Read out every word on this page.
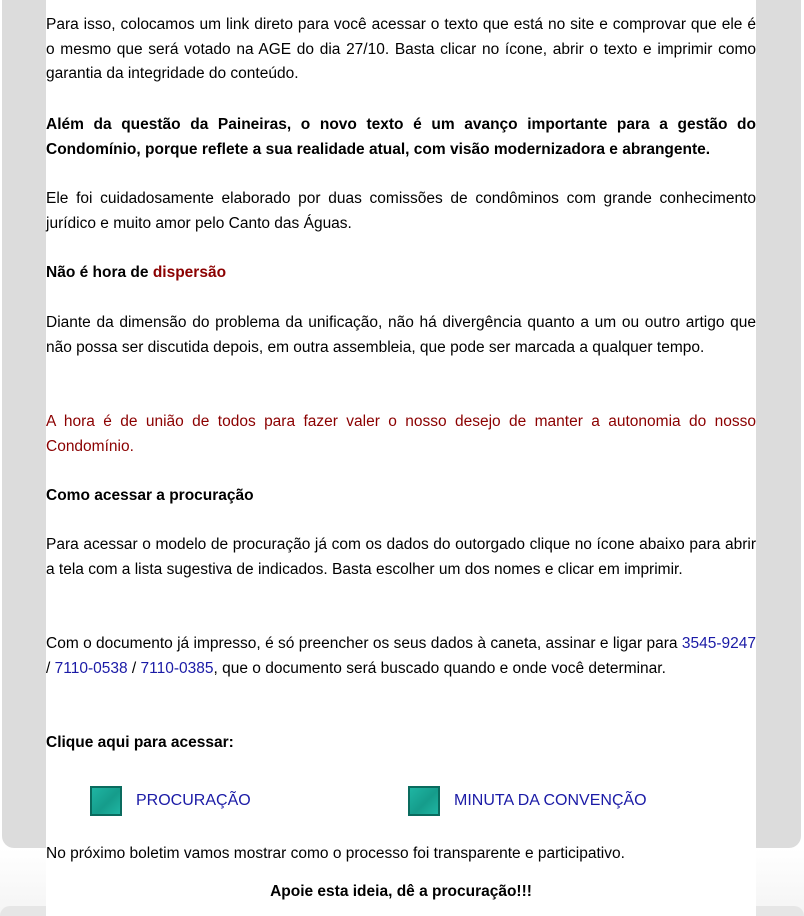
Para isso, colocamos um link direto para você acessar o texto que está no site e comprovar que ele é o mesmo que será votado na AGE do dia 27/10. Basta clicar no ícone, abrir o texto e imprimir como garantia da integridade do conteúdo.

Além da questão da Paineiras, o novo texto é um avanço importante para a gestão do Condomínio, porque reflete a sua realidade atual, com visão modernizadora e abrangente.

Ele foi cuidadosamente elaborado por duas comissões de condôminos com grande conhecimento jurídico e muito amor pelo Canto das Águas.

Não é hora de dispersão

Diante da dimensão do problema da unificação, não há divergência quanto a um ou outro artigo que não possa ser discutida depois, em outra assembleia, que pode ser marcada a qualquer tempo.

A hora é de união de todos para fazer valer o nosso desejo de manter a autonomia do nosso Condomínio.

Como acessar a procuração

Para acessar o modelo de procuração já com os dados do outorgado clique no ícone abaixo para abrir a tela com a lista sugestiva de indicados. Basta escolher um dos nomes e clicar em imprimir.

Com o documento já impresso, é só preencher os seus dados à caneta, assinar e ligar para 3545-9247 / 7110-0538 / 7110-0385, que o documento será buscado quando e onde você determinar.

Clique aqui para acessar:

PROCURAÇÃO	MINUTA DA CONVENÇÃO

No próximo boletim vamos mostrar como o processo foi transparente e participativo.

Apoie esta ideia, dê a procuração!!!
